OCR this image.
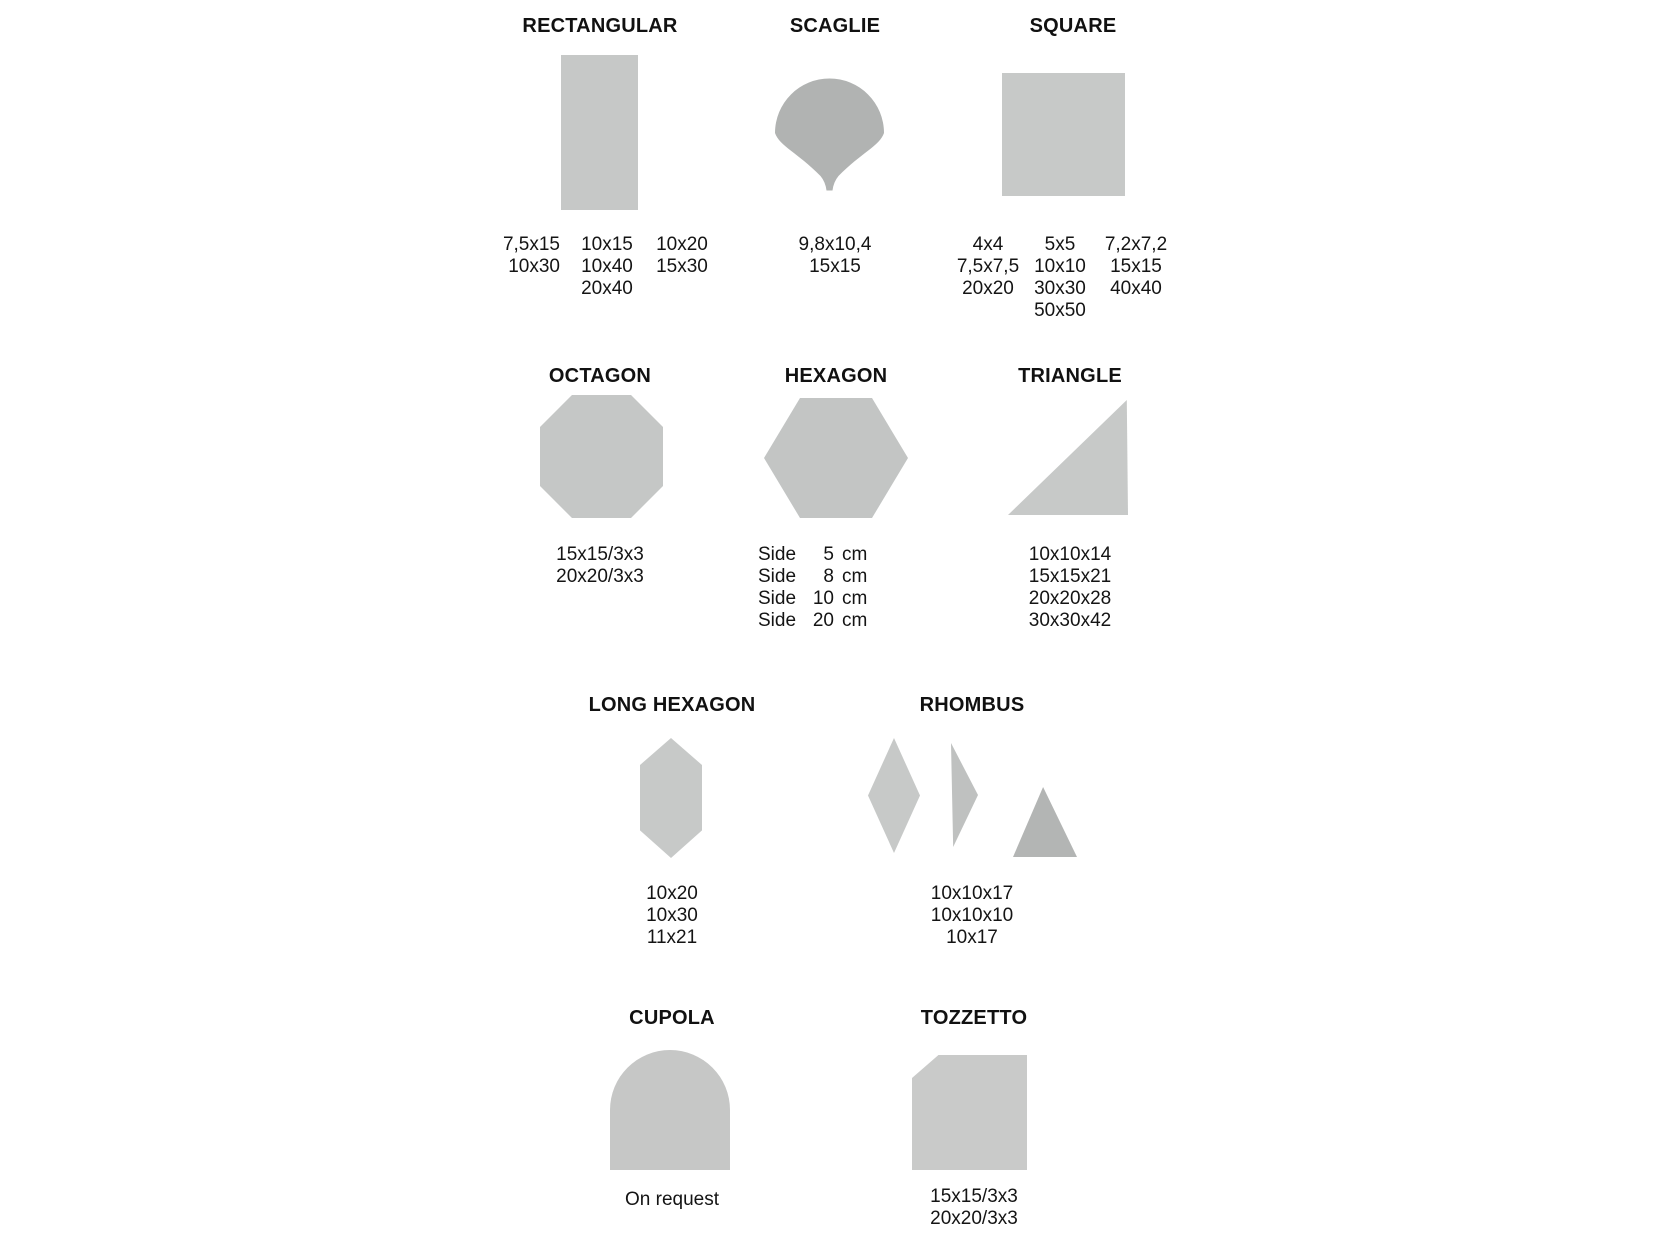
RECTANGULAR
7,5x15
10x30
10x15
10x40
20x40
10x20
15x30
SCAGLIE
9,8x10,4
15x15
SQUARE
4x4
7,5x7,5
20x20
5x5
10x10
30x30
50x50
7,2x7,2
15x15
40x40
OCTAGON
15x15/3x3
20x20/3x3
HEXAGON
Side	5 cm
Side	8 cm
Side 10 cm
Side 20 cm
TRIANGLE
10x10x14
15x15x21
20x20x28
30x30x42
LONG HEXAGON
10x20
10x30
11x21
RHOMBUS
10x10x17
10x10x10
10x17
CUPOLA
On request
TOZZETTO
15x15/3x3
20x20/3x3
